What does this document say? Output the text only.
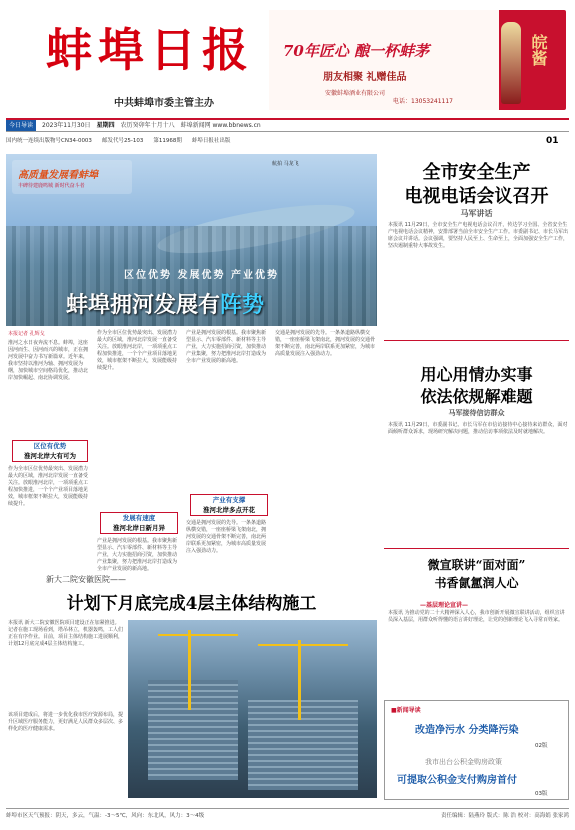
蚌埠日报
中共蚌埠市委主管主办
70年匠心 酿一杯蚌茅
朋友相聚 礼赠佳品
安徽蚌埠酒业有限公司
电话：13053241117
皖酱
今日导读	2023年11月30日 星期四 农历癸卯年十月十八 蚌埠新闻网 www.bbnews.cn
国内统一连续出版物号CN34-0003 邮发代号25-103 第11968期 蚌埠日报社出版	01
高质量发展看蚌埠
丰碑待建鹿鸣城 新时代奋斗者
航拍 马龙飞
区位优势 发展优势 产业优势
蚌埠拥河发展有阵势
本报记者 孔辉戈
淮河之水日夜奔流不息。蚌埠，这座因河而生、因河而兴的城市，正在拥河发展中奋力书写新篇章。近年来，我市坚持以淮河为轴、拥河发展为纲，加快城市空间格局优化，推动北岸加快崛起、南北协调发展。
区位有优势
淮河北岸大有可为
作为全市区位优势最突出、发展潜力最大的区域，淮河北岸发展一直备受关注。放眼淮河北岸，一项项重点工程加快推进，一个个产业项目落地见效，城市框架不断拉大，发展能级持续提升。
作为全市区位优势最突出、发展潜力最大的区域，淮河北岸发展一直备受关注。放眼淮河北岸，一项项重点工程加快推进，一个个产业项目落地见效，城市框架不断拉大，发展能级持续提升。
发展有速度
淮河北岸日新月异
产业是拥河发展的根基。我市聚焦新型显示、汽车零部件、新材料等主导产业，大力实施招商引资，加快推动产业集聚，努力把淮河北岸打造成为全市产业发展的新高地。
产业是拥河发展的根基。我市聚焦新型显示、汽车零部件、新材料等主导产业，大力实施招商引资，加快推动产业集聚，努力把淮河北岸打造成为全市产业发展的新高地。
产业有支撑
淮河北岸多点开花
交通是拥河发展的先导。一条条道路纵横交错，一座座桥梁飞架南北，拥河发展的交通骨架不断完善，南北两岸联系更加紧密，为城市高质量发展注入强劲动力。
交通是拥河发展的先导。一条条道路纵横交错，一座座桥梁飞架南北，拥河发展的交通骨架不断完善，南北两岸联系更加紧密，为城市高质量发展注入强劲动力。
全市安全生产
电视电话会议召开
马军讲话
本报讯 11月29日，全市安全生产电视电话会议召开，传达学习全国、全省安全生产电视电话会议精神，安排部署当前全市安全生产工作。市委副书记、市长马军出席会议并讲话。会议强调，要坚持人民至上、生命至上，全面加强安全生产工作，坚决遏制重特大事故发生。
用心用情办实事
依法依规解难题
马军接待信访群众
本报讯 11月29日，市委副书记、市长马军在市信访接待中心接待来访群众，面对面倾听群众诉求，现场研究解决问题，推动信访事项依法及时就地解决。
微宣联讲“面对面”
书香氤氲润人心
—基层理论宣讲—
本报讯 为推动党的二十大精神深入人心，我市创新开展微宣联讲活动，组织宣讲员深入基层，用群众听得懂的语言讲好理论，让党的创新理论飞入寻常百姓家。
新大二院安徽医院——
计划下月底完成4层主体结构施工
本报讯 新大二院安徽医院项目建设正在加紧推进。记者在施工现场看到，塔吊林立，机器轰鸣，工人们正在有序作业。目前，项目主体结构施工进展顺利，计划12月底完成4层主体结构施工。
该项目建成后，将进一步优化我市医疗资源布局，提升区域医疗服务能力，更好满足人民群众多层次、多样化的医疗健康需求。
■新闻导读
改造净污水 分类降污染
02版
我市出台公积金购房政策
可提取公积金支付购房首付
03版
蚌埠市区天气预报：阴天，多云，气温：-3～5℃，风向：东北风，风力：3～4级	责任编辑：陆燕玲 版式：陈 浩 校对：高海娟 张家鸿
